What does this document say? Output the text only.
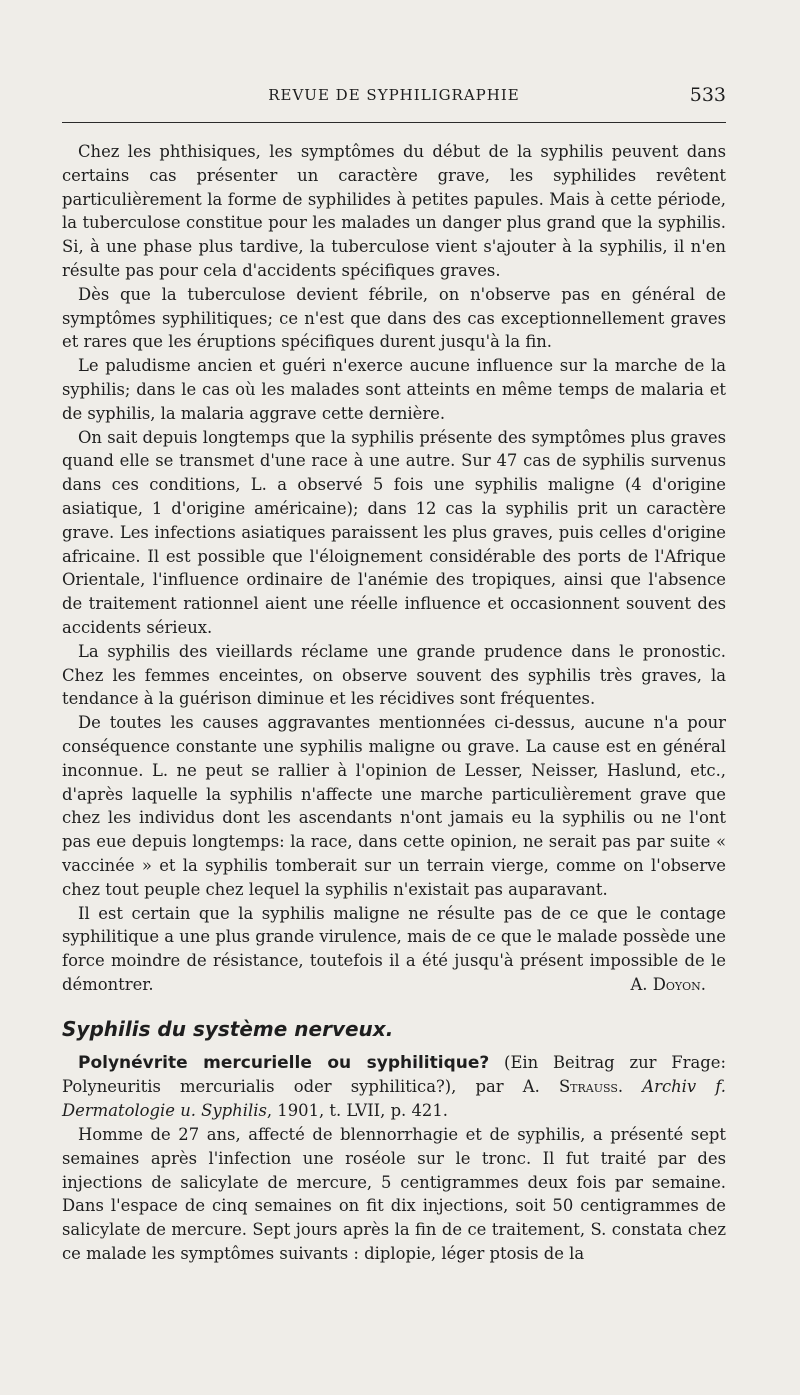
REVUE DE SYPHILIGRAPHIE	533

Chez les phthisiques, les symptômes du début de la syphilis peuvent dans certains cas présenter un caractère grave, les syphilides revêtent particulièrement la forme de syphilides à petites papules. Mais à cette période, la tuberculose constitue pour les malades un danger plus grand que la syphilis. Si, à une phase plus tardive, la tuberculose vient s'ajouter à la syphilis, il n'en résulte pas pour cela d'accidents spécifiques graves.

Dès que la tuberculose devient fébrile, on n'observe pas en général de symptômes syphilitiques; ce n'est que dans des cas exceptionnellement graves et rares que les éruptions spécifiques durent jusqu'à la fin.

Le paludisme ancien et guéri n'exerce aucune influence sur la marche de la syphilis; dans le cas où les malades sont atteints en même temps de malaria et de syphilis, la malaria aggrave cette dernière.

On sait depuis longtemps que la syphilis présente des symptômes plus graves quand elle se transmet d'une race à une autre. Sur 47 cas de syphilis survenus dans ces conditions, L. a observé 5 fois une syphilis maligne (4 d'origine asiatique, 1 d'origine américaine); dans 12 cas la syphilis prit un caractère grave. Les infections asiatiques paraissent les plus graves, puis celles d'origine africaine. Il est possible que l'éloignement considérable des ports de l'Afrique Orientale, l'influence ordinaire de l'anémie des tropiques, ainsi que l'absence de traitement rationnel aient une réelle influence et occasionnent souvent des accidents sérieux.

La syphilis des vieillards réclame une grande prudence dans le pronostic. Chez les femmes enceintes, on observe souvent des syphilis très graves, la tendance à la guérison diminue et les récidives sont fréquentes.

De toutes les causes aggravantes mentionnées ci-dessus, aucune n'a pour conséquence constante une syphilis maligne ou grave. La cause est en général inconnue. L. ne peut se rallier à l'opinion de Lesser, Neisser, Haslund, etc., d'après laquelle la syphilis n'affecte une marche particulièrement grave que chez les individus dont les ascendants n'ont jamais eu la syphilis ou ne l'ont pas eue depuis longtemps: la race, dans cette opinion, ne serait pas par suite « vaccinée » et la syphilis tomberait sur un terrain vierge, comme on l'observe chez tout peuple chez lequel la syphilis n'existait pas auparavant.

Il est certain que la syphilis maligne ne résulte pas de ce que le contage syphilitique a une plus grande virulence, mais de ce que le malade possède une force moindre de résistance, toutefois il a été jusqu'à présent impossible de le démontrer.	A. Doyon.

Syphilis du système nerveux.

Polynévrite mercurielle ou syphilitique? (Ein Beitrag zur Frage: Polyneuritis mercurialis oder syphilitica?), par A. Strauss. Archiv f. Dermatologie u. Syphilis, 1901, t. LVII, p. 421.

Homme de 27 ans, affecté de blennorrhagie et de syphilis, a présenté sept semaines après l'infection une roséole sur le tronc. Il fut traité par des injections de salicylate de mercure, 5 centigrammes deux fois par semaine. Dans l'espace de cinq semaines on fit dix injections, soit 50 centigrammes de salicylate de mercure. Sept jours après la fin de ce traitement, S. constata chez ce malade les symptômes suivants : diplopie, léger ptosis de la
